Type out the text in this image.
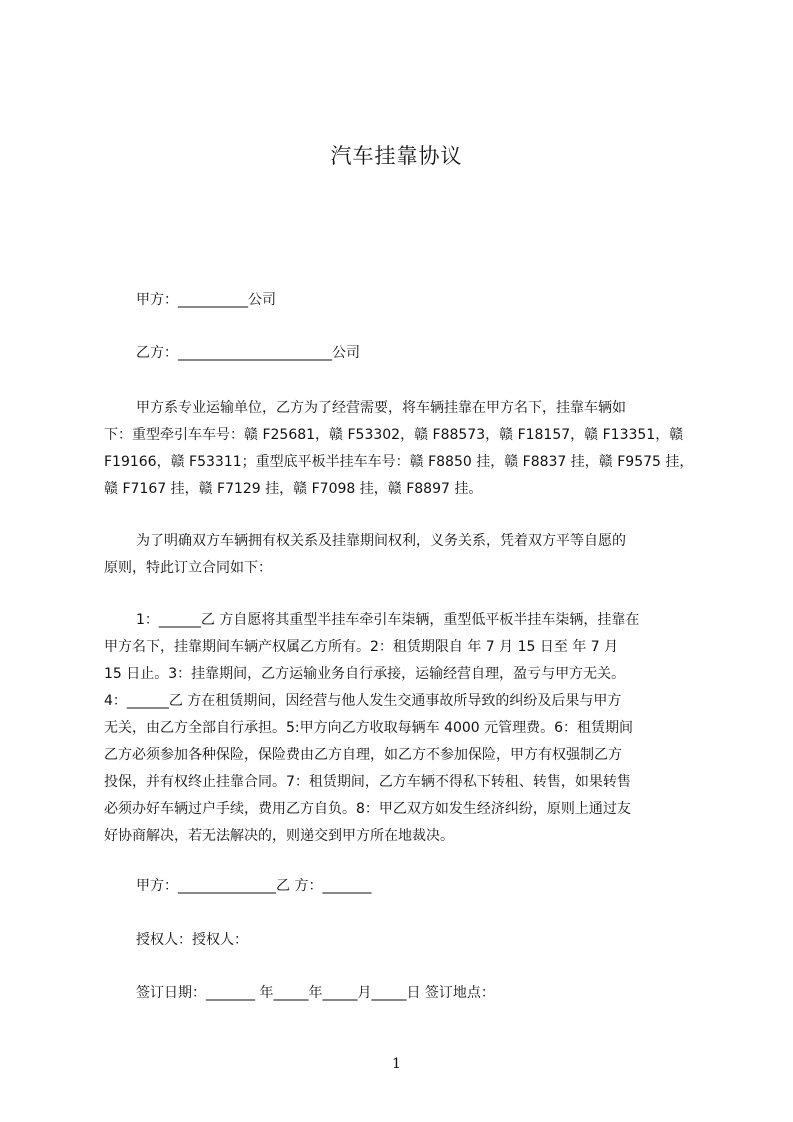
汽车挂靠协议

甲方：__________公司

乙方：______________________公司

甲方系专业运输单位，乙方为了经营需要，将车辆挂靠在甲方名下，挂靠车辆如
下：重型牵引车车号：赣 F25681，赣 F53302，赣 F88573，赣 F18157，赣 F13351，赣
F19166，赣 F53311；重型底平板半挂车车号：赣 F8850 挂，赣 F8837 挂，赣 F9575 挂，
赣 F7167 挂，赣 F7129 挂，赣 F7098 挂，赣 F8897 挂。
为了明确双方车辆拥有权关系及挂靠期间权利，义务关系，凭着双方平等自愿的
原则，特此订立合同如下：
1：______乙 方自愿将其重型半挂车牵引车柒辆，重型低平板半挂车柒辆，挂靠在
甲方名下，挂靠期间车辆产权属乙方所有。2：租赁期限自 年 7 月 15 日至 年 7 月
15 日止。3：挂靠期间，乙方运输业务自行承接，运输经营自理，盈亏与甲方无关。
4：______乙 方在租赁期间，因经营与他人发生交通事故所导致的纠纷及后果与甲方
无关，由乙方全部自行承担。5:甲方向乙方收取每辆车 4000 元管理费。6：租赁期间
乙方必须参加各种保险，保险费由乙方自理，如乙方不参加保险，甲方有权强制乙方
投保，并有权终止挂靠合同。7：租赁期间，乙方车辆不得私下转租、转售，如果转售
必须办好车辆过户手续，费用乙方自负。8：甲乙双方如发生经济纠纷，原则上通过友
好协商解决，若无法解决的，则递交到甲方所在地裁决。

甲方：______________乙 方：_______

授权人：授权人：

签订日期：_______ 年_____年_____月_____日 签订地点：

1
